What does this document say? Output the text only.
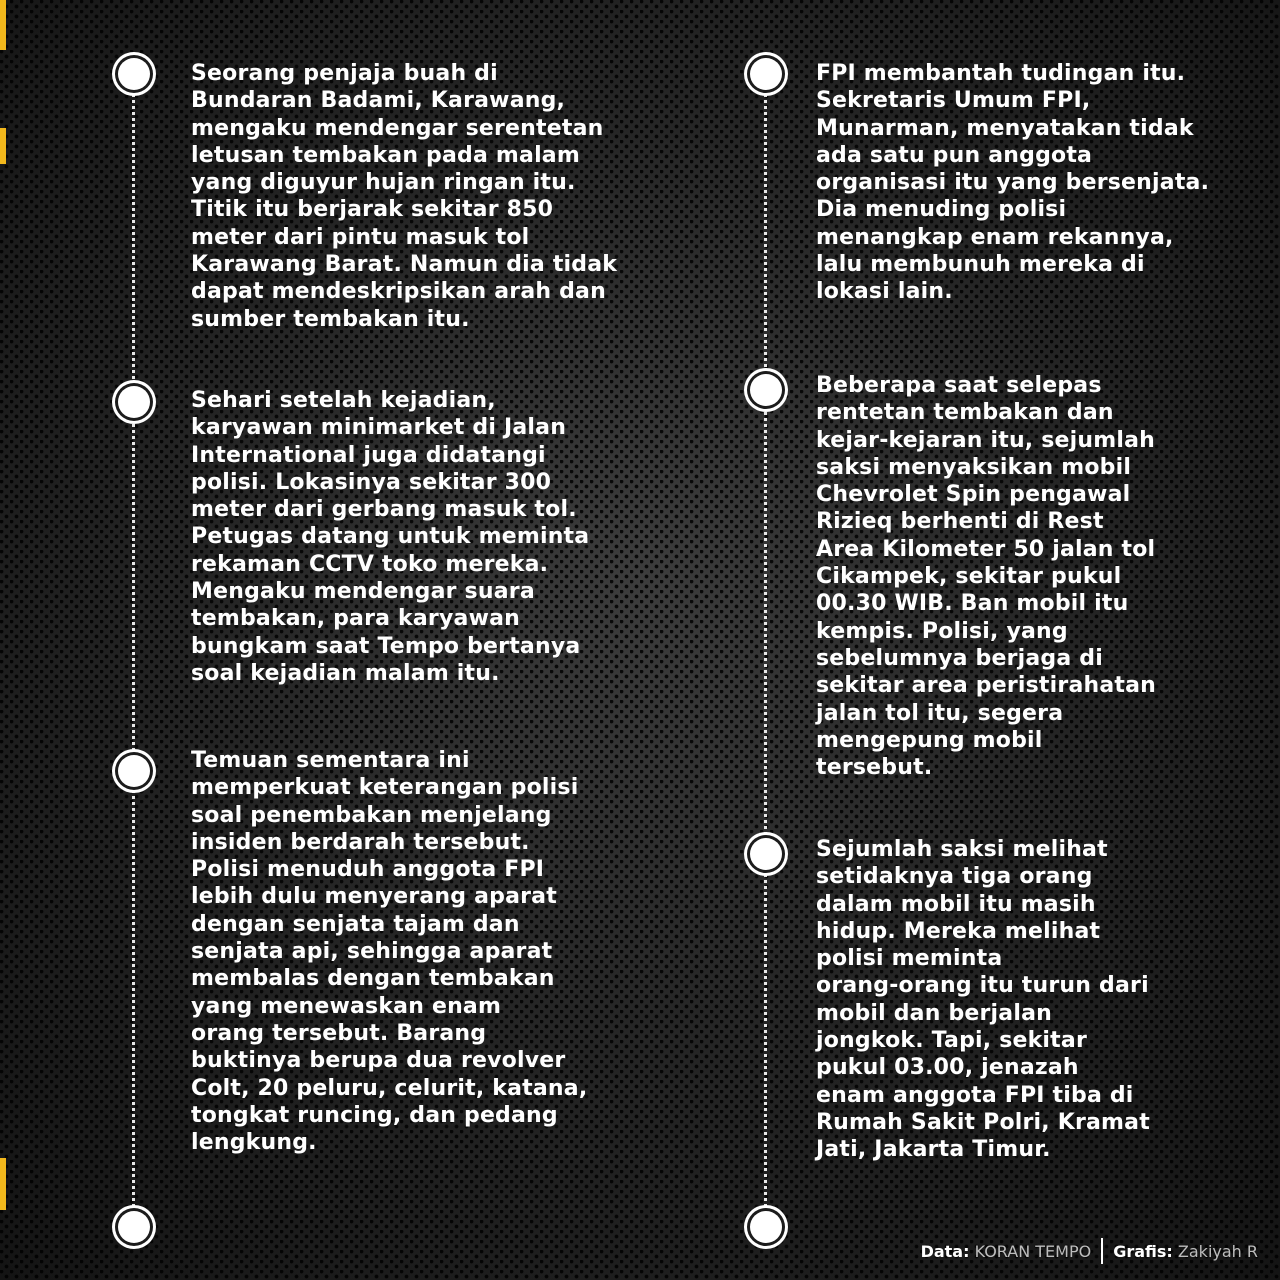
Seorang penjaja buah di
Bundaran Badami, Karawang,
mengaku mendengar serentetan
letusan tembakan pada malam
yang diguyur hujan ringan itu.
Titik itu berjarak sekitar 850
meter dari pintu masuk tol
Karawang Barat. Namun dia tidak
dapat mendeskripsikan arah dan
sumber tembakan itu.
Sehari setelah kejadian,
karyawan minimarket di Jalan
International juga didatangi
polisi. Lokasinya sekitar 300
meter dari gerbang masuk tol.
Petugas datang untuk meminta
rekaman CCTV toko mereka.
Mengaku mendengar suara
tembakan, para karyawan
bungkam saat Tempo bertanya
soal kejadian malam itu.
Temuan sementara ini
memperkuat keterangan polisi
soal penembakan menjelang
insiden berdarah tersebut.
Polisi menuduh anggota FPI
lebih dulu menyerang aparat
dengan senjata tajam dan
senjata api, sehingga aparat
membalas dengan tembakan
yang menewaskan enam
orang tersebut. Barang
buktinya berupa dua revolver
Colt, 20 peluru, celurit, katana,
tongkat runcing, dan pedang
lengkung.
FPI membantah tudingan itu.
Sekretaris Umum FPI,
Munarman, menyatakan tidak
ada satu pun anggota
organisasi itu yang bersenjata.
Dia menuding polisi
menangkap enam rekannya,
lalu membunuh mereka di
lokasi lain.
Beberapa saat selepas
rentetan tembakan dan
kejar-kejaran itu, sejumlah
saksi menyaksikan mobil
Chevrolet Spin pengawal
Rizieq berhenti di Rest
Area Kilometer 50 jalan tol
Cikampek, sekitar pukul
00.30 WIB. Ban mobil itu
kempis. Polisi, yang
sebelumnya berjaga di
sekitar area peristirahatan
jalan tol itu, segera
mengepung mobil
tersebut.
Sejumlah saksi melihat
setidaknya tiga orang
dalam mobil itu masih
hidup. Mereka melihat
polisi meminta
orang-orang itu turun dari
mobil dan berjalan
jongkok. Tapi, sekitar
pukul 03.00, jenazah
enam anggota FPI tiba di
Rumah Sakit Polri, Kramat
Jati, Jakarta Timur.
Data: KORAN TEMPO Grafis: Zakiyah R
